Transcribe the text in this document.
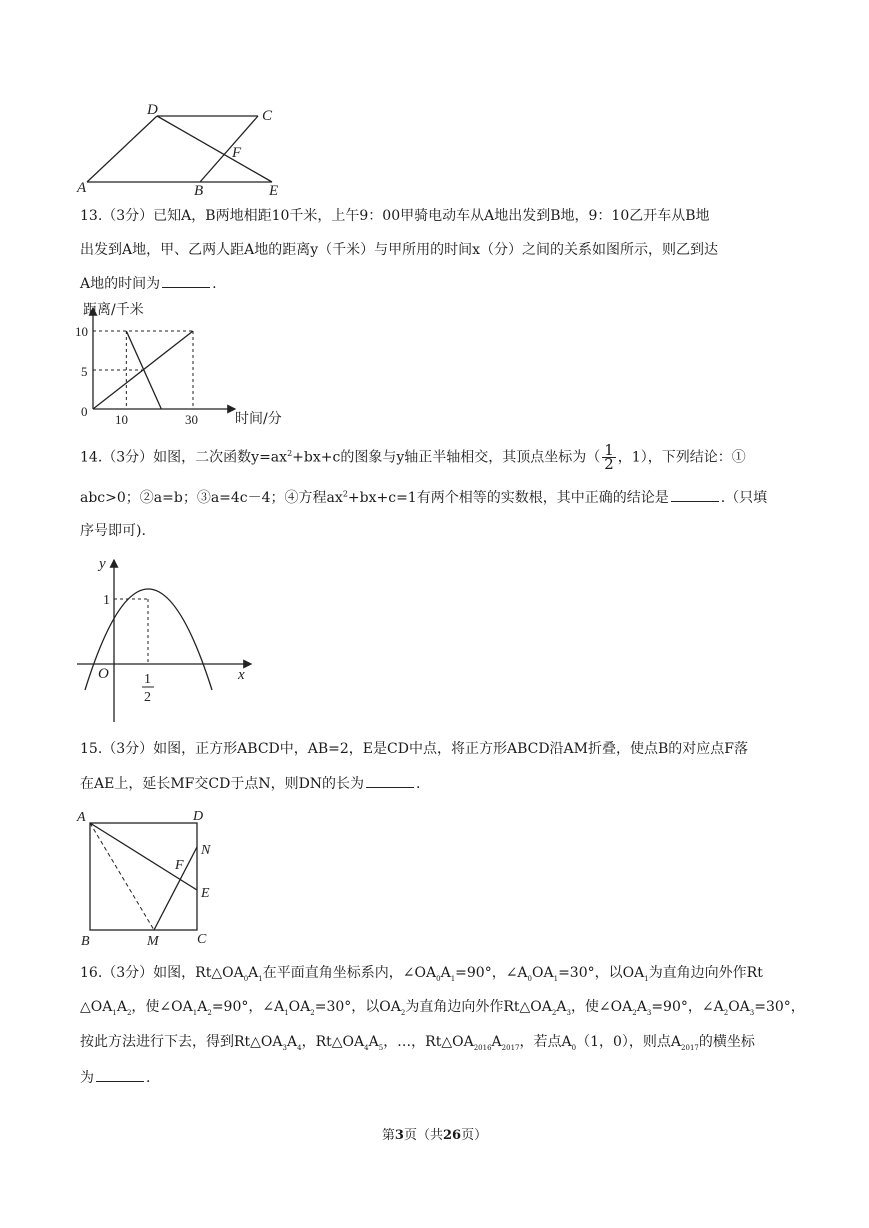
D	C
F
A	B	E
13.（3分）已知A，B两地相距10千米，上午9：00甲骑电动车从A地出发到B地，9：10乙开车从B地
出发到A地，甲、乙两人距A地的距离y（千米）与甲所用的时间x（分）之间的关系如图所示，则乙到达
A地的时间为	.
距离/千米
时间/分
10
5
0
10	30
14.（3分）如图，二次函数$y=ax^2+bx+c$的图象与y轴正半轴相交，其顶点坐标为（ $\frac{1}{2}$ ，1），下列结论：①
abc>0；②a=b；③a=4c－4；④方程$ax^2+bx+c=1$有两个相等的实数根，其中正确的结论是	.（只填
序号即可).
y
x
O
1
1
2
15.（3分）如图，正方形ABCD中，AB=2，E是CD中点，将正方形ABCD沿AM折叠，使点B的对应点F落
在AE上，延长MF交CD于点N，则DN的长为	.
A	D
N
F
E
B	M	C
16.（3分）如图，$Rt\triangle OA_0A_1$在平面直角坐标系内，$\angle OA_0A_1=90^\circ$，$\angle A_0OA_1=30^\circ$，以$OA_1$为直角边向外作Rt
$\triangle OA_1A_2$，使$\angle OA_1A_2=90^\circ$，$\angle A_1OA_2=30^\circ$，以$OA_2$为直角边向外作$Rt\triangle OA_2A_3$，使$\angle OA_2A_3=90^\circ$，$\angle A_2OA_3=30^\circ$，
按此方法进行下去，得到$Rt\triangle OA_3A_4$，$Rt\triangle OA_4A_5$，…，$Rt\triangle OA_{2016}A_{2017}$，若点$A_0(1$，0），则点$A_{2017}$的横坐标
为	.
第3页（共26页）
